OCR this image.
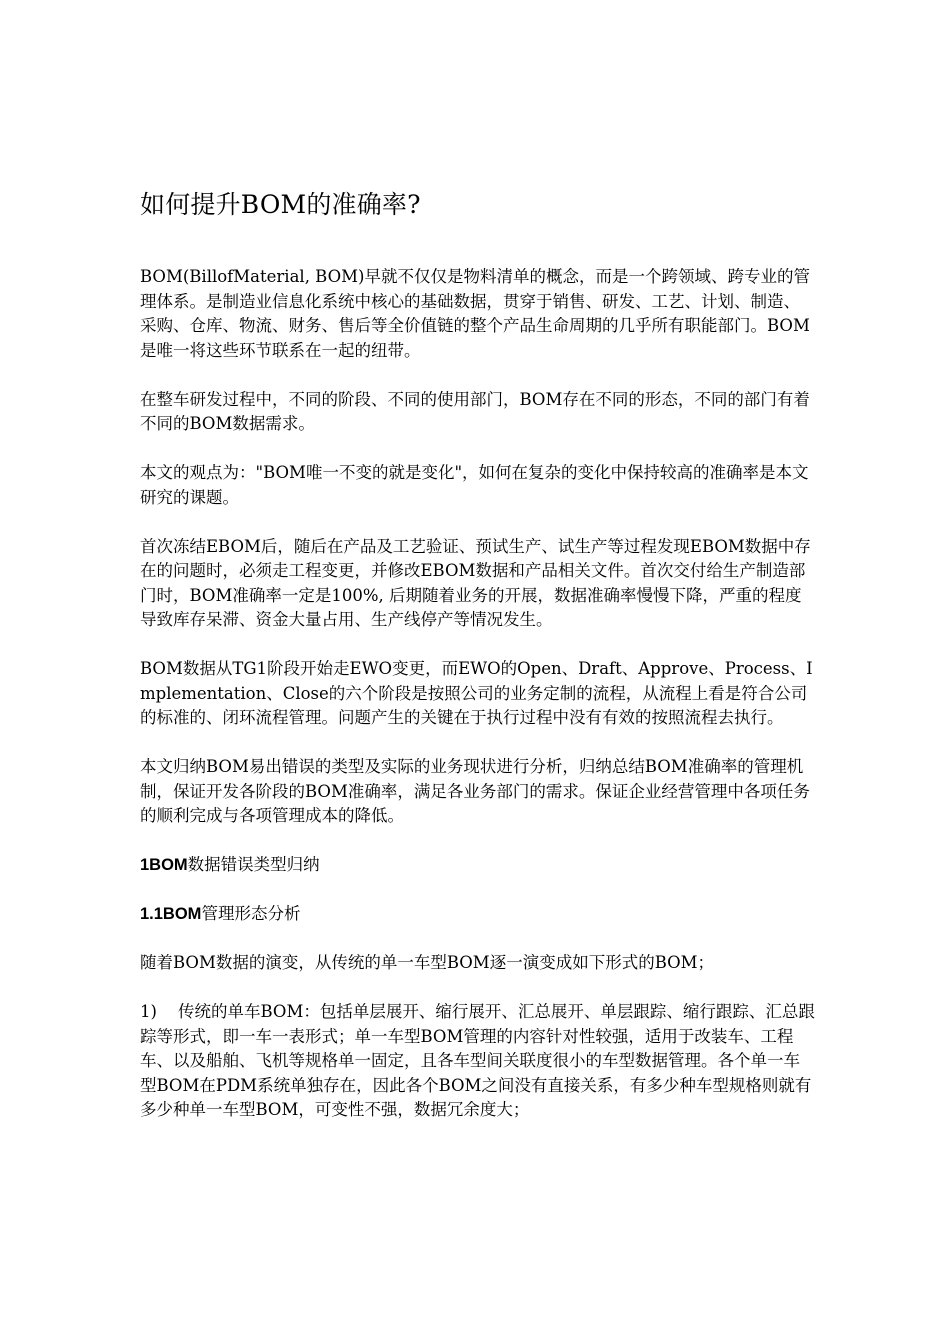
如何提升BOM的准确率?

BOM(BillofMaterial, BOM)早就不仅仅是物料清单的概念，而是一个跨领域、跨专业的管理体系。是制造业信息化系统中核心的基础数据，贯穿于销售、研发、工艺、计划、制造、采购、仓库、物流、财务、售后等全价值链的整个产品生命周期的几乎所有职能部门。BOM是唯一将这些环节联系在一起的纽带。

在整车研发过程中，不同的阶段、不同的使用部门，BOM存在不同的形态，不同的部门有着不同的BOM数据需求。

本文的观点为："BOM唯一不变的就是变化"，如何在复杂的变化中保持较高的准确率是本文研究的课题。

首次冻结EBOM后，随后在产品及工艺验证、预试生产、试生产等过程发现EBOM数据中存在的问题时，必须走工程变更，并修改EBOM数据和产品相关文件。首次交付给生产制造部门时，BOM准确率一定是100%, 后期随着业务的开展，数据准确率慢慢下降，严重的程度导致库存呆滞、资金大量占用、生产线停产等情况发生。

BOM数据从TG1阶段开始走EWO变更，而EWO的Open、Draft、Approve、Process、Implementation、Close的六个阶段是按照公司的业务定制的流程，从流程上看是符合公司的标准的、闭环流程管理。问题产生的关键在于执行过程中没有有效的按照流程去执行。

本文归纳BOM易出错误的类型及实际的业务现状进行分析，归纳总结BOM准确率的管理机制，保证开发各阶段的BOM准确率，满足各业务部门的需求。保证企业经营管理中各项任务的顺利完成与各项管理成本的降低。

1BOM数据错误类型归纳

1.1BOM管理形态分析

随着BOM数据的演变，从传统的单一车型BOM逐一演变成如下形式的BOM；

1) 传统的单车BOM：包括单层展开、缩行展开、汇总展开、单层跟踪、缩行跟踪、汇总跟踪等形式，即一车一表形式；单一车型BOM管理的内容针对性较强，适用于改装车、工程车、以及船舶、飞机等规格单一固定，且各车型间关联度很小的车型数据管理。各个单一车型BOM在PDM系统单独存在，因此各个BOM之间没有直接关系，有多少种车型规格则就有多少种单一车型BOM，可变性不强，数据冗余度大；
